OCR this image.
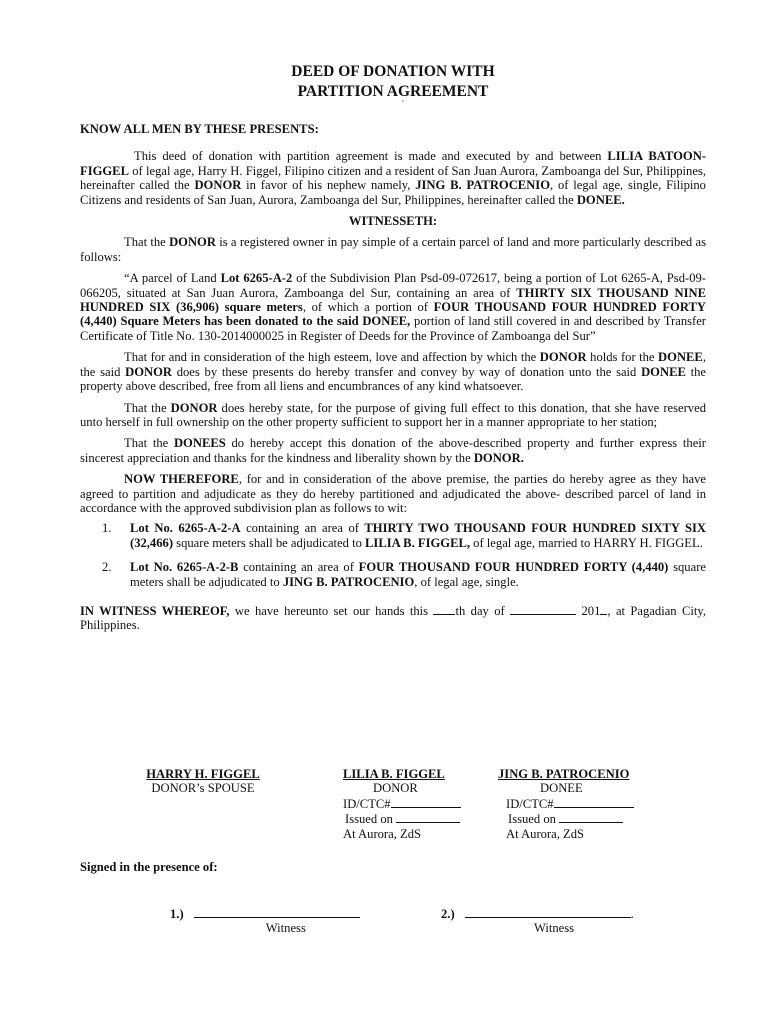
DEED OF DONATION WITH
PARTITION AGREEMENT
`
KNOW ALL MEN BY THESE PRESENTS:

This deed of donation with partition agreement is made and executed by and between LILIA BATOON-FIGGEL of legal age, Harry H. Figgel, Filipino citizen and a resident of San Juan Aurora, Zamboanga del Sur, Philippines, hereinafter called the DONOR in favor of his nephew namely, JING B. PATROCENIO, of legal age, single, Filipino Citizens and residents of San Juan, Aurora, Zamboanga del Sur, Philippines, hereinafter called the DONEE.

WITNESSETH:

That the DONOR is a registered owner in pay simple of a certain parcel of land and more particularly described as follows:

“A parcel of Land Lot 6265-A-2 of the Subdivision Plan Psd-09-072617, being a portion of Lot 6265-A, Psd-09-066205, situated at San Juan Aurora, Zamboanga del Sur, containing an area of THIRTY SIX THOUSAND NINE HUNDRED SIX (36,906) square meters, of which a portion of FOUR THOUSAND FOUR HUNDRED FORTY (4,440) Square Meters has been donated to the said DONEE, portion of land still covered in and described by Transfer Certificate of Title No. 130-2014000025 in Register of Deeds for the Province of Zamboanga del Sur”

That for and in consideration of the high esteem, love and affection by which the DONOR holds for the DONEE, the said DONOR does by these presents do hereby transfer and convey by way of donation unto the said DONEE the property above described, free from all liens and encumbrances of any kind whatsoever.

That the DONOR does hereby state, for the purpose of giving full effect to this donation, that she have reserved unto herself in full ownership on the other property sufficient to support her in a manner appropriate to her station;

That the DONEES do hereby accept this donation of the above-described property and further express their sincerest appreciation and thanks for the kindness and liberality shown by the DONOR.

NOW THEREFORE, for and in consideration of the above premise, the parties do hereby agree as they have agreed to partition and adjudicate as they do hereby partitioned and adjudicated the above- described parcel of land in accordance with the approved subdivision plan as follows to wit:

1.	Lot No. 6265-A-2-A containing an area of THIRTY TWO THOUSAND FOUR HUNDRED SIXTY SIX (32,466) square meters shall be adjudicated to LILIA B. FIGGEL, of legal age, married to HARRY H. FIGGEL.
2.	Lot No. 6265-A-2-B containing an area of FOUR THOUSAND FOUR HUNDRED FORTY (4,440) square meters shall be adjudicated to JING B. PATROCENIO, of legal age, single.

IN WITNESS WHEREOF, we have hereunto set our hands this th day of	201 , at Pagadian City, Philippines.

HARRY H. FIGGEL
DONOR’s SPOUSE
LILIA B. FIGGEL
DONOR
ID/CTC#
Issued on
At Aurora, ZdS
JING B. PATROCENIO
DONEE
ID/CTC#
Issued on
At Aurora, ZdS
Signed in the presence of:
1.)
Witness
2.)	.
Witness
